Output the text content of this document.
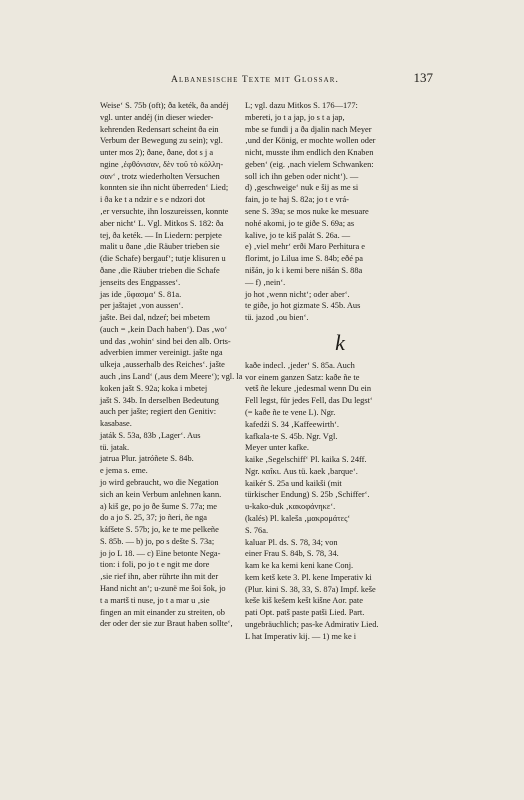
Albanesische Texte mit Glossar.	137
Weise‘ S. 75b (oft); ða keték, ða andéj
vgl. unter andéj (in dieser wieder-
kehrenden Redensart scheint ða ein
Verbum der Bewegung zu sein); vgl.
unter mos 2); ðane, ðane, dot s j a
ngine ‚ἐφθόνισαν, δὲν τοῦ τὸ κόλλη-
σαν‘ , trotz wiederholten Versuchen
konnten sie ihn nicht überreden‘ Lied;
i ða ke t a ndzir e s e ndzori dot
‚er versuchte, ihn loszureissen, konnte
aber nicht‘ L. Vgl. Mitkos S. 182: ða
tej, ða keték. — In Liedern: perpjete
malit u ðane ‚die Räuber trieben sie
(die Schafe) bergauf‘; tutje klisuren u
ðane ‚die Räuber trieben die Schafe
jenseits des Engpasses‘.
jas ide ‚ὕφασμα‘ S. 81a.
per jaštajet ‚von aussen‘.
jašte. Bei dal, ndzeŕ; bei mbetem
(auch = ‚kein Dach haben‘). Das ‚wo‘
und das ‚wohin‘ sind bei den alb. Orts-
adverbien immer vereinigt. jašte nga
ulkeja ‚ausserhalb des Reiches‘. jašte
auch ‚ins Land‘ (‚aus dem Meere‘); vgl. la
koken jašt S. 92a; koka i mbetej
jašt S. 34b. In derselben Bedeutung
auch per jašte; regiert den Genitiv:
kasabase.
jaták S. 53a, 83b ‚Lager‘. Aus
tü. jatak.
jatrua Plur. jatróñete S. 84b.
e jema s. eme.
jo wird gebraucht, wo die Negation
sich an kein Verbum anlehnen kann.
a) kiš ge, po jo ðe šume S. 77a; me
do a jo S. 25, 37; jo ñeri, ñe nga
káfšete S. 57b; jo, ke te me pelkeñe
S. 85b. — b) jo, po s dešte S. 73a;
jo jo L 18. — c) Eine betonte Nega-
tion: i foli, po jo t e ngit me dore
‚sie rief ihn, aber rührte ihn mit der
Hand nicht an‘; u-zunë me šoi šok, jo
t a martš ti nuse, jo t a mar u ‚sie
fingen an mit einander zu streiten, ob
der oder der sie zur Braut haben sollte‘,
L; vgl. dazu Mitkos S. 176—177:
mbereti, jo t a jap, jo s t a jap,
mbe se fundi j a ða djalin nach Meyer
‚und der König, er mochte wollen oder
nicht, musste ihm endlich den Knaben
geben‘ (eig. ‚nach vielem Schwanken:
soll ich ihn geben oder nicht‘). —
d) ‚geschweige‘ nuk e šij as me si
fain, jo te haj S. 82a; jo t e vrá-
sene S. 39a; se mos nuke ke mesuare
nohé akomi, jo te giðe S. 69a; as
kalive, jo te kiš palát S. 26a. —
e) ‚viel mehr‘ erði Maro Perhitura e
florimt, jo Lilua ime S. 84b; eðé pa
nišán, jo k i kemi bere nišán S. 88a
— f) ‚nein‘.
jo hot ‚wenn nicht‘; oder aber‘.
te giðe, jo hot gizmate S. 45b. Aus
tü. jazod ‚ou bien‘.
k
kaðe indecl. ‚jeder‘ S. 85a. Auch
vor einem ganzen Satz: kaðe ñe te
vetš ñe lekure ‚jedesmal wenn Du ein
Fell legst, für jedes Fell, das Du legst‘
(= kaðe ñe te vene L). Ngr.
kafedźi S. 34 ‚Kaffeewirth‘.
kafkala-te S. 45b. Ngr. Vgl.
Meyer unter kafke.
kaike ‚Segelschiff‘ Pl. kaika S. 24ff.
Ngr. καΐκι. Aus tü. kaek ‚barque‘.
kaikér S. 25a und kaikši (mit
türkischer Endung) S. 25b ‚Schiffer‘.
u-kako-duk ‚κακοφάνηκε‘.
(kalés) Pl. kaleša ‚μακρομάτες‘
S. 76a.
kaluar Pl. ds. S. 78, 34; von
einer Frau S. 84b, S. 78, 34.
kam ke ka kemi keni kane Conj.
kem ketš kete 3. Pl. kene Imperativ ki
(Plur. kini S. 38, 33, S. 87a) Impf. keše
keše kiš kešem kešt kišne Aor. pate
pati Opt. patš paste patši Lied. Part.
ungebräuchlich; pas-ke Admirativ Lied.
L hat Imperativ kij. — 1) me ke i
